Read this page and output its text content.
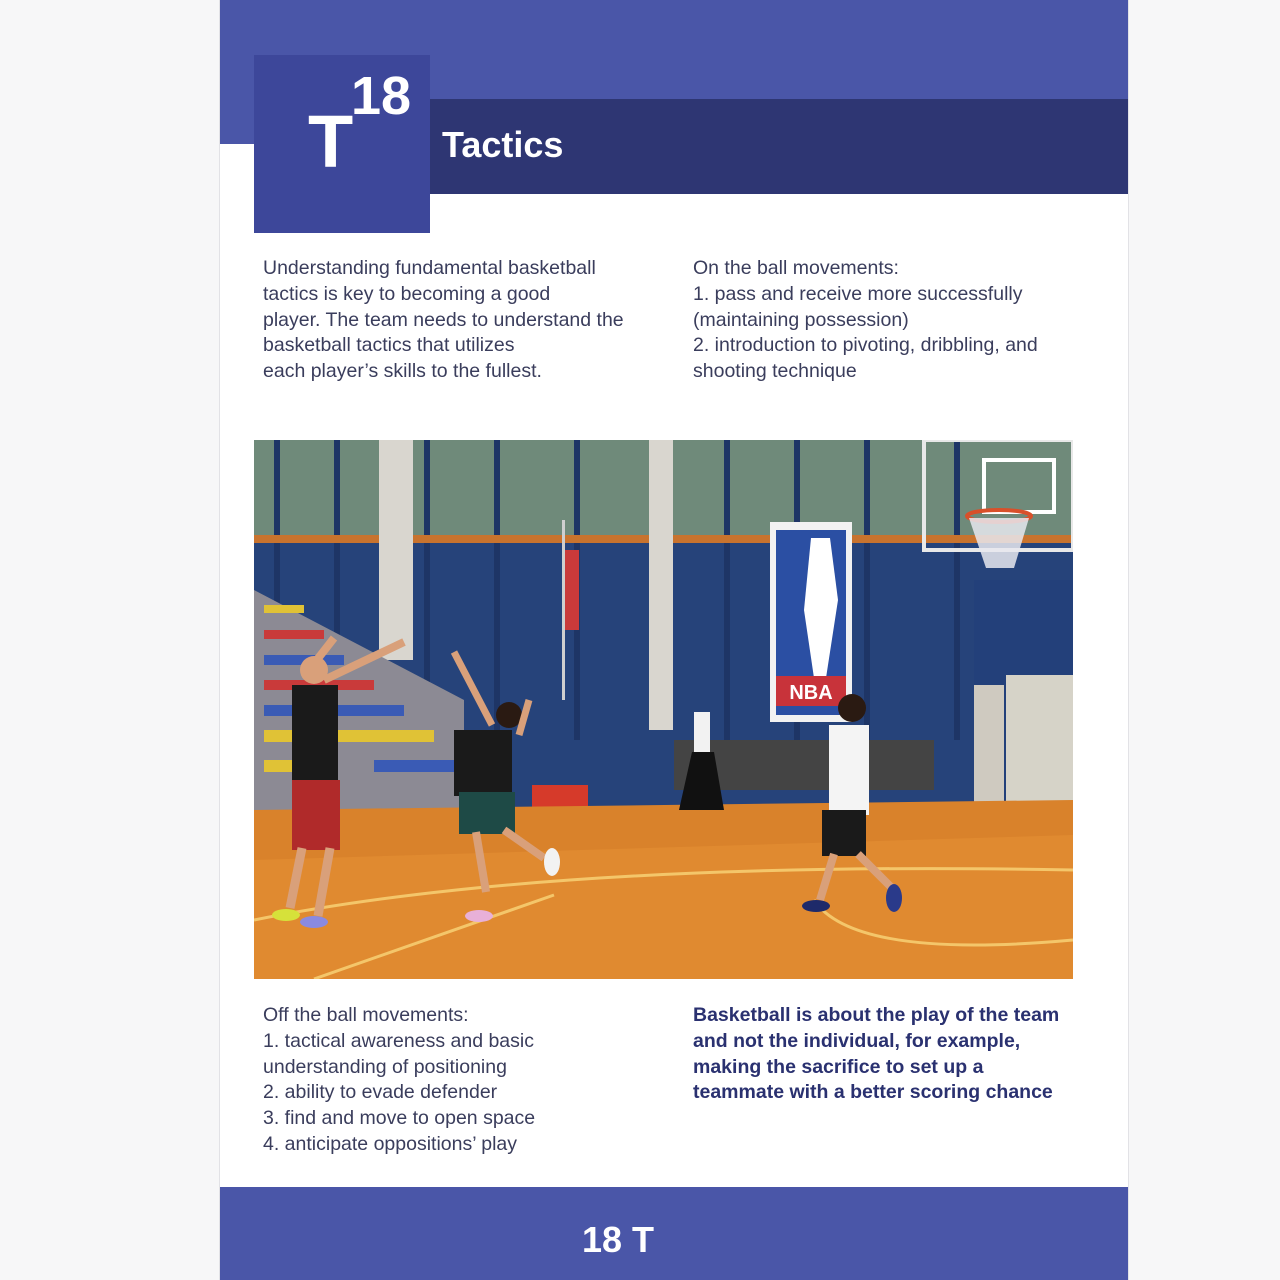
T
18
Tactics
Understanding fundamental basketball
tactics is key to becoming a good
player. The team needs to understand the
basketball tactics that utilizes
each player’s skills to the fullest.
On the ball movements:
1. pass and receive more successfully
(maintaining possession)
2. introduction to pivoting, dribbling, and
shooting technique
NBA
Off the ball movements:
1. tactical awareness and basic
understanding of positioning
2. ability to evade defender
3. find and move to open space
4. anticipate oppositions’ play
Basketball is about the play of the team
and not the individual, for example,
making the sacrifice to set up a
teammate with a better scoring chance
18 T
